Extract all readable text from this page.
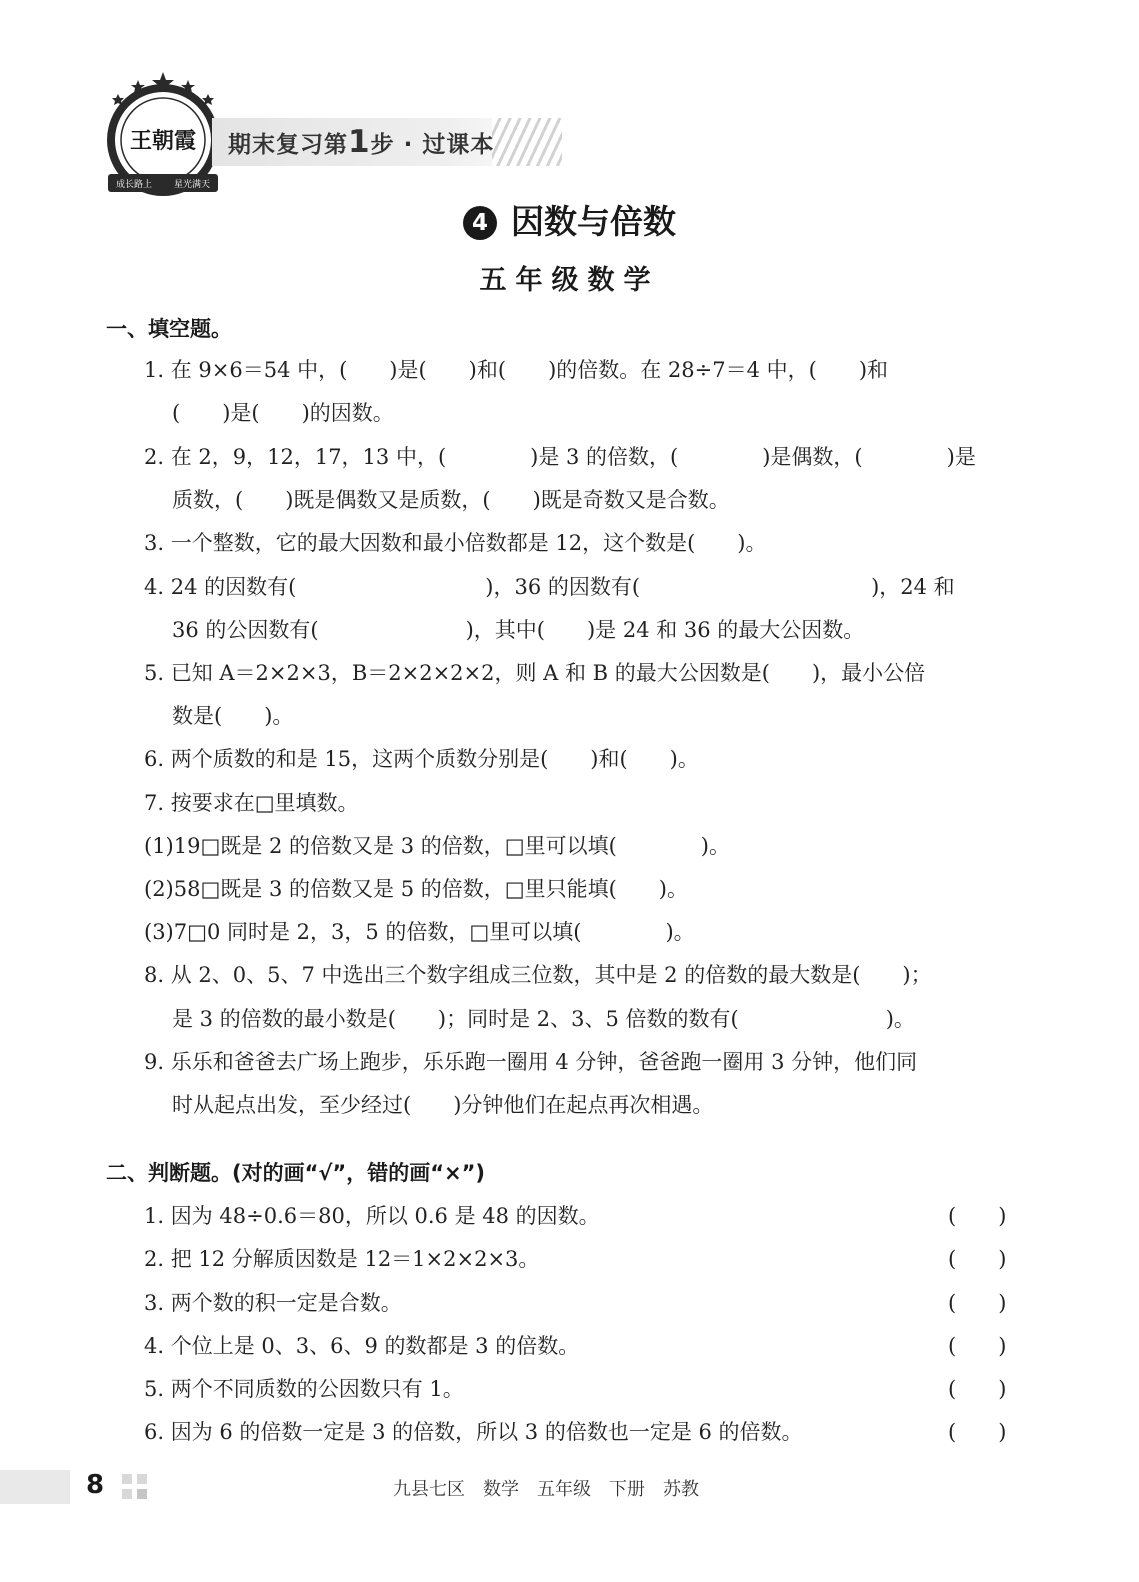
王朝霞
成长路上 星光满天
期末复习第1步 · 过课本
4 因数与倍数
五年级数学
一、填空题。
1. 在 9×6＝54 中，(　　)是(　　)和(　　)的倍数。在 28÷7＝4 中，(　　)和
(　　)是(　　)的因数。
2. 在 2，9，12，17，13 中，(　　　　)是 3 的倍数，(　　　　)是偶数，(　　　　)是
质数，(　　)既是偶数又是质数，(　　)既是奇数又是合数。
3. 一个整数，它的最大因数和最小倍数都是 12，这个数是(　　)。
4. 24 的因数有(　　　　　　　　　)，36 的因数有(　　　　　　　　　　　)，24 和
36 的公因数有(　　　　　　　)，其中(　　)是 24 和 36 的最大公因数。
5. 已知 A＝2×2×3，B＝2×2×2×2，则 A 和 B 的最大公因数是(　　)，最小公倍
数是(　　)。
6. 两个质数的和是 15，这两个质数分别是(　　)和(　　)。
7. 按要求在□里填数。
(1)19□既是 2 的倍数又是 3 的倍数，□里可以填(　　　　)。
(2)58□既是 3 的倍数又是 5 的倍数，□里只能填(　　)。
(3)7□0 同时是 2，3，5 的倍数，□里可以填(　　　　)。
8. 从 2、0、5、7 中选出三个数字组成三位数，其中是 2 的倍数的最大数是(　　)；
是 3 的倍数的最小数是(　　)；同时是 2、3、5 倍数的数有(　　　　　　　)。
9. 乐乐和爸爸去广场上跑步，乐乐跑一圈用 4 分钟，爸爸跑一圈用 3 分钟，他们同
时从起点出发，至少经过(　　)分钟他们在起点再次相遇。
二、判断题。(对的画“√”，错的画“×”)
1. 因为 48÷0.6＝80，所以 0.6 是 48 的因数。	(　　)
2. 把 12 分解质因数是 12＝1×2×2×3。	(　　)
3. 两个数的积一定是合数。	(　　)
4. 个位上是 0、3、6、9 的数都是 3 的倍数。	(　　)
5. 两个不同质数的公因数只有 1。	(　　)
6. 因为 6 的倍数一定是 3 的倍数，所以 3 的倍数也一定是 6 的倍数。	(　　)
8	九县七区　数学　五年级　下册　苏教
